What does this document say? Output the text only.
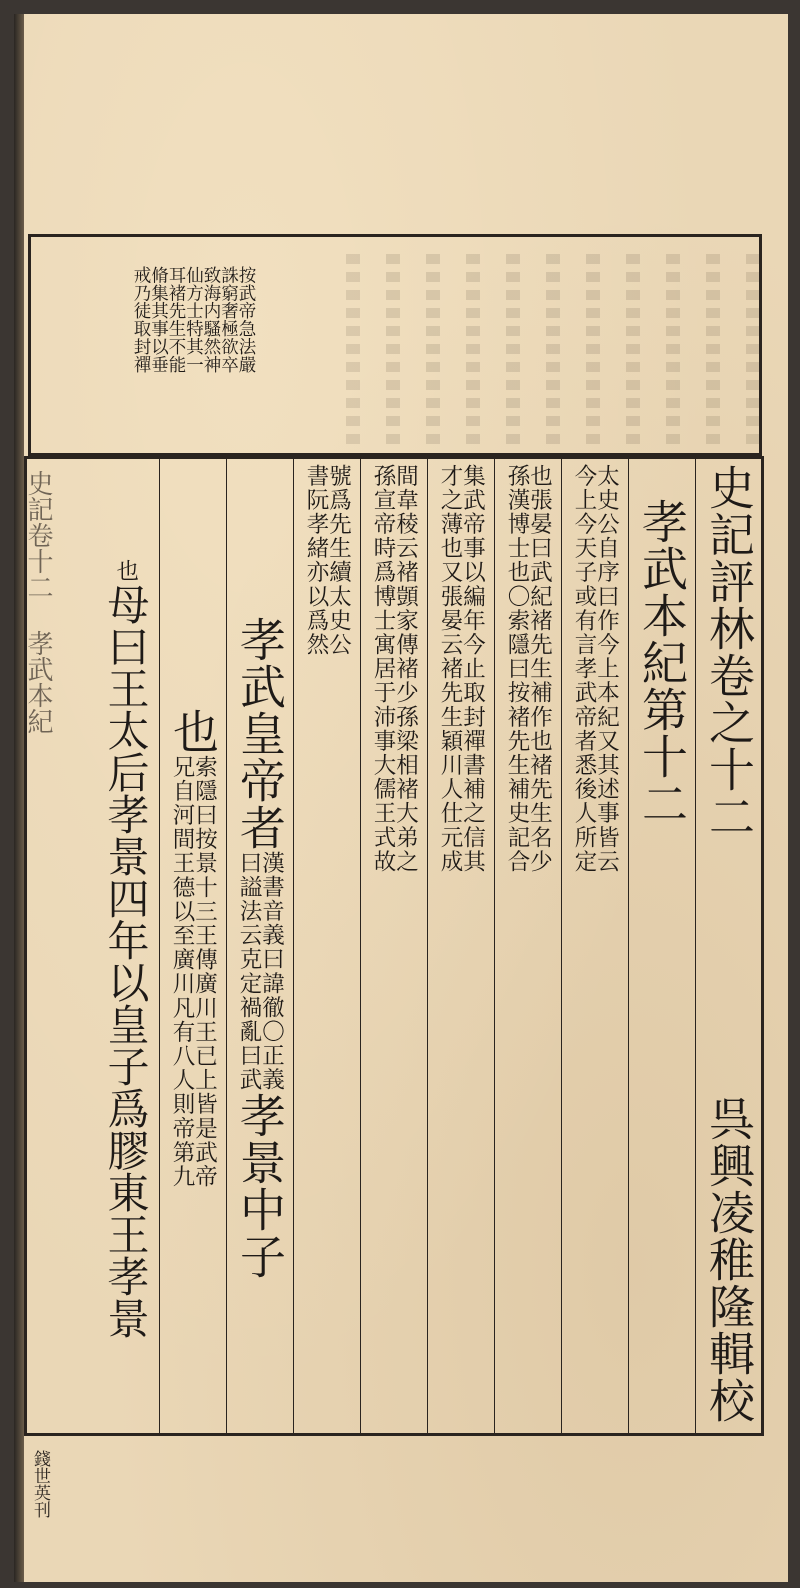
按武帝急法嚴
誅窮奢極欲卒
致海内騷然神
仙方士特其一
耳褚先生不能
脩集其事以垂
戒乃徒取封禪
史記評林卷之十二
呉興凌稚隆輯校
孝武本紀第十二
太史公自序曰作今上本紀又其述事皆云
今上今天子或有言孝武帝者悉後人所定
也張晏曰武紀褚先生補作也褚先生名少
孫漢博士也〇索隱曰按褚先生補史記合
集武帝事以編年今止取封禪書補之信其
才之薄也又張晏云褚先生穎川人仕元成
間韋稜云褚顗家傳褚少孫梁相褚大弟之
孫宣帝時爲博士寓居于沛事大儒王式故
號爲先生續太史公
書阮孝緒亦以爲然
孝武皇帝者
漢書音義曰諱徹〇正義
曰謚法云克定禍亂曰武
孝景中子
也
索隱曰按景十三王傳廣川王已上皆是武帝
兄自河間王德以至廣川凡有八人則帝第九
也
母曰王太后孝景四年以皇子爲膠東王孝景
史記卷十二 孝武本紀
錢世英刊
